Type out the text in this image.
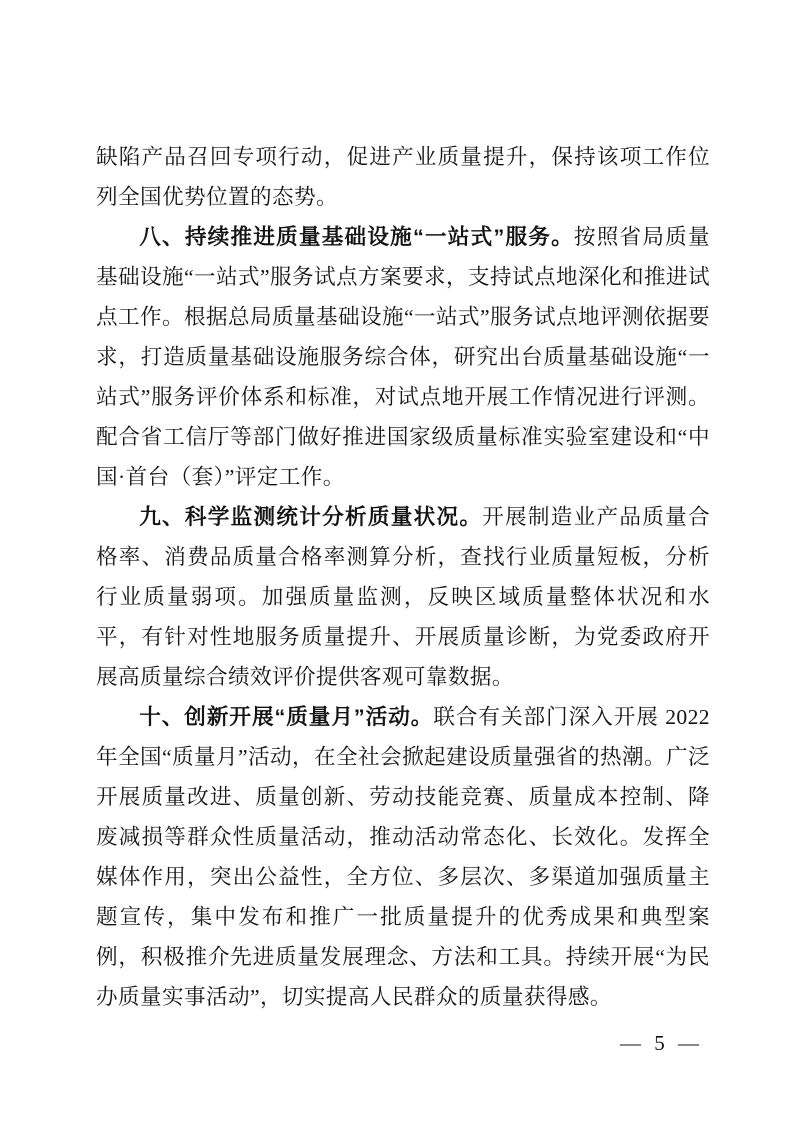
缺陷产品召回专项行动，促进产业质量提升，保持该项工作位列全国优势位置的态势。

八、持续推进质量基础设施“一站式”服务。按照省局质量基础设施“一站式”服务试点方案要求，支持试点地深化和推进试点工作。根据总局质量基础设施“一站式”服务试点地评测依据要求，打造质量基础设施服务综合体，研究出台质量基础设施“一站式”服务评价体系和标准，对试点地开展工作情况进行评测。配合省工信厅等部门做好推进国家级质量标准实验室建设和“中国·首台（套）”评定工作。

九、科学监测统计分析质量状况。开展制造业产品质量合格率、消费品质量合格率测算分析，查找行业质量短板，分析行业质量弱项。加强质量监测，反映区域质量整体状况和水平，有针对性地服务质量提升、开展质量诊断，为党委政府开展高质量综合绩效评价提供客观可靠数据。

十、创新开展“质量月”活动。联合有关部门深入开展 2022 年全国“质量月”活动，在全社会掀起建设质量强省的热潮。广泛开展质量改进、质量创新、劳动技能竞赛、质量成本控制、降废减损等群众性质量活动，推动活动常态化、长效化。发挥全媒体作用，突出公益性，全方位、多层次、多渠道加强质量主题宣传，集中发布和推广一批质量提升的优秀成果和典型案例，积极推介先进质量发展理念、方法和工具。持续开展“为民办质量实事活动”，切实提高人民群众的质量获得感。

— 5 —
